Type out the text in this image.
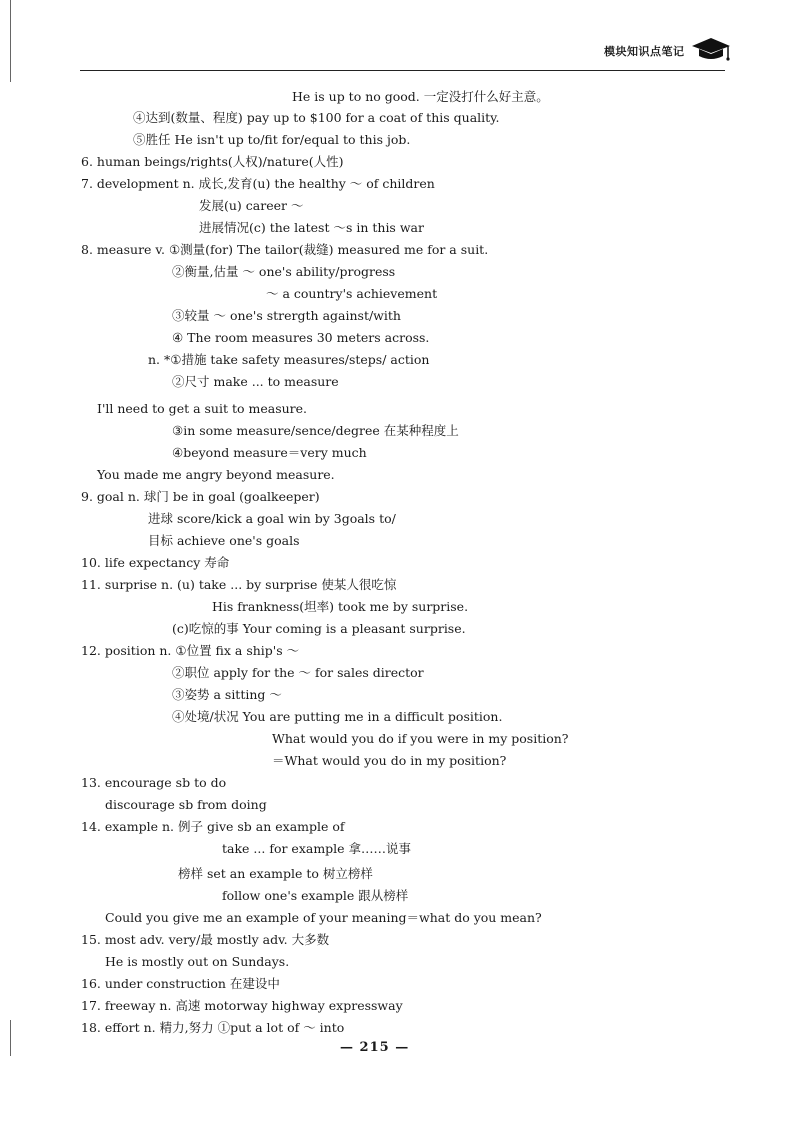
模块知识点笔记
He is up to no good. 一定没打什么好主意。
④达到(数量、程度) pay up to $100 for a coat of this quality.
⑤胜任 He isn't up to/fit for/equal to this job.
6. human beings/rights(人权)/nature(人性)
7. development n. 成长,发育(u) the healthy ～ of children
发展(u) career ～
进展情况(c) the latest ～s in this war
8. measure v. ①测量(for) The tailor(裁缝) measured me for a suit.
②衡量,估量 ～ one's ability/progress
～ a country's achievement
③较量 ～ one's strergth against/with
④ The room measures 30 meters across.
n. *①措施 take safety measures/steps/ action
②尺寸 make ... to measure
I'll need to get a suit to measure.
③in some measure/sence/degree 在某种程度上
④beyond measure＝very much
You made me angry beyond measure.
9. goal n. 球门 be in goal (goalkeeper)
进球 score/kick a goal win by 3goals to/
目标 achieve one's goals
10. life expectancy 寿命
11. surprise n. (u) take ... by surprise 使某人很吃惊
His frankness(坦率) took me by surprise.
(c)吃惊的事 Your coming is a pleasant surprise.
12. position n. ①位置 fix a ship's ～
②职位 apply for the ～ for sales director
③姿势 a sitting ～
④处境/状况 You are putting me in a difficult position.
What would you do if you were in my position?
＝What would you do in my position?
13. encourage sb to do
discourage sb from doing
14. example n. 例子 give sb an example of
take ... for example 拿……说事
榜样 set an example to 树立榜样
follow one's example 跟从榜样
Could you give me an example of your meaning＝what do you mean?
15. most adv. very/最 mostly adv. 大多数
He is mostly out on Sundays.
16. under construction 在建设中
17. freeway n. 高速 motorway highway expressway
18. effort n. 精力,努力 ①put a lot of ～ into
— 215 —
